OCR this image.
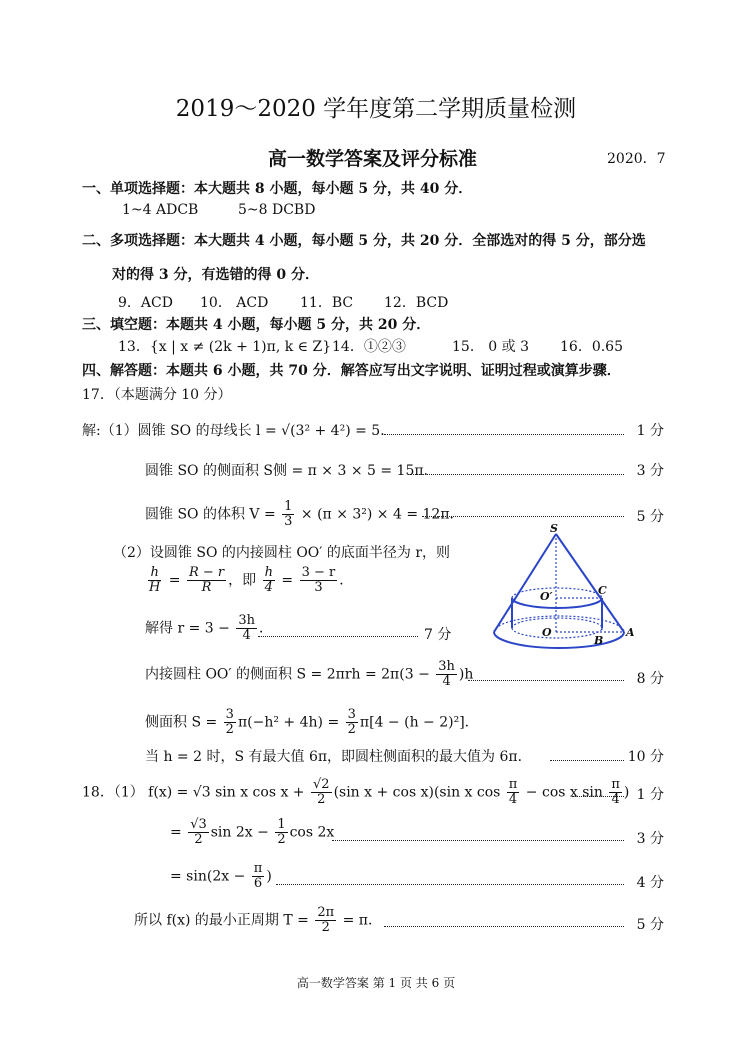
2019～2020 学年度第二学期质量检测
高一数学答案及评分标准	2020．7
一、单项选择题：本大题共 8 小题，每小题 5 分，共 40 分．
1~4 ADCB	5~8 DCBD
二、多项选择题：本大题共 4 小题，每小题 5 分，共 20 分．全部选对的得 5 分，部分选
对的得 3 分，有选错的得 0 分．
9．ACD 10． ACD 11．BC 12．BCD
三、填空题：本题共 4 小题，每小题 5 分，共 20 分．
13．{x | x ≠ (2k + 1)π, k ∈ Z} 14．①②③	15． 0 或 3 16．0.65
四、解答题：本题共 6 小题，共 70 分．解答应写出文字说明、证明过程或演算步骤．
17．（本题满分 10 分）
解:（1）圆锥 SO 的母线长 l = √(3² + 4²) = 5．	1 分
圆锥 SO 的侧面积 S侧 = π × 3 × 5 = 15π．	3 分
圆锥 SO 的体积 $V = \frac{1}{3} \times (\pi \times 3^2) \times 4 = 12\pi$．	5 分
（2）设圆锥 SO 的内接圆柱 OO′ 的底面半径为 r，则
$\frac{h}{H} = \frac{R - r}{R}$ ，即 $\frac{h}{4} = \frac{3 - r}{3}$ ．
解得 $r = 3 - \frac{3h}{4}$ ．	7 分
S
C
O′
O
B
A
内接圆柱 OO′ 的侧面积 $S = 2\pi rh = 2\pi(3 - \frac{3h}{4} )h$	8 分
侧面积 $S = \frac{3}{2} \pi(-h^2 + 4h) = \frac{3}{2} \pi[4 - (h - 2)^2]$．
当 h = 2 时，S 有最大值 6π，即圆柱侧面积的最大值为 6π．	10 分
18．（1） f(x) = √3 sin x $\cos x + \frac{√2}{2} (\sin$ x + cos x)(sin x $\cos \frac{\pi}{4} - \cos x$ $\sin \frac{\pi}{4}$ ) 1 分
= $\frac{√3}{2}$ $\sin 2x - \frac{1}{2}$ cos 2x	3 分
= $\sin(2x - \frac{\pi}{6}$ )	4 分
所以 f(x) 的最小正周期 $T = \frac{2\pi}{2} = \pi$．	5 分
高一数学答案 第 1 页 共 6 页
